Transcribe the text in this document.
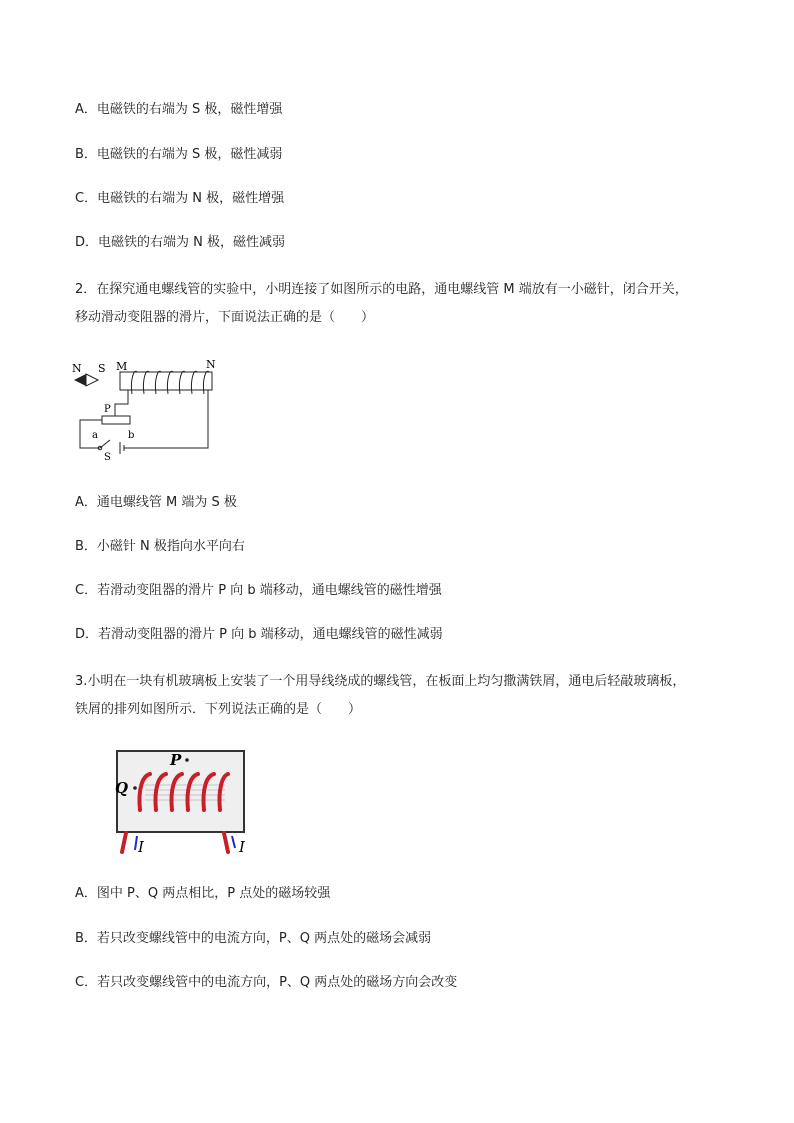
A．电磁铁的右端为 S 极，磁性增强
B．电磁铁的右端为 S 极，磁性减弱
C．电磁铁的右端为 N 极，磁性增强
D．电磁铁的右端为 N 极，磁性减弱
2．在探究通电螺线管的实验中，小明连接了如图所示的电路，通电螺线管 M 端放有一小磁针，闭合开关，
移动滑动变阻器的滑片，下面说法正确的是（　　）
N S M	N
P
a	b
S
A．通电螺线管 M 端为 S 极
B．小磁针 N 极指向水平向右
C．若滑动变阻器的滑片 P 向 b 端移动，通电螺线管的磁性增强
D．若滑动变阻器的滑片 P 向 b 端移动，通电螺线管的磁性减弱
3.小明在一块有机玻璃板上安装了一个用导线绕成的螺线管，在板面上均匀撒满铁屑，通电后轻敲玻璃板，
铁屑的排列如图所示．下列说法正确的是（　　）
P
Q
I	I
A．图中 P、Q 两点相比，P 点处的磁场较强
B．若只改变螺线管中的电流方向，P、Q 两点处的磁场会减弱
C．若只改变螺线管中的电流方向，P、Q 两点处的磁场方向会改变
